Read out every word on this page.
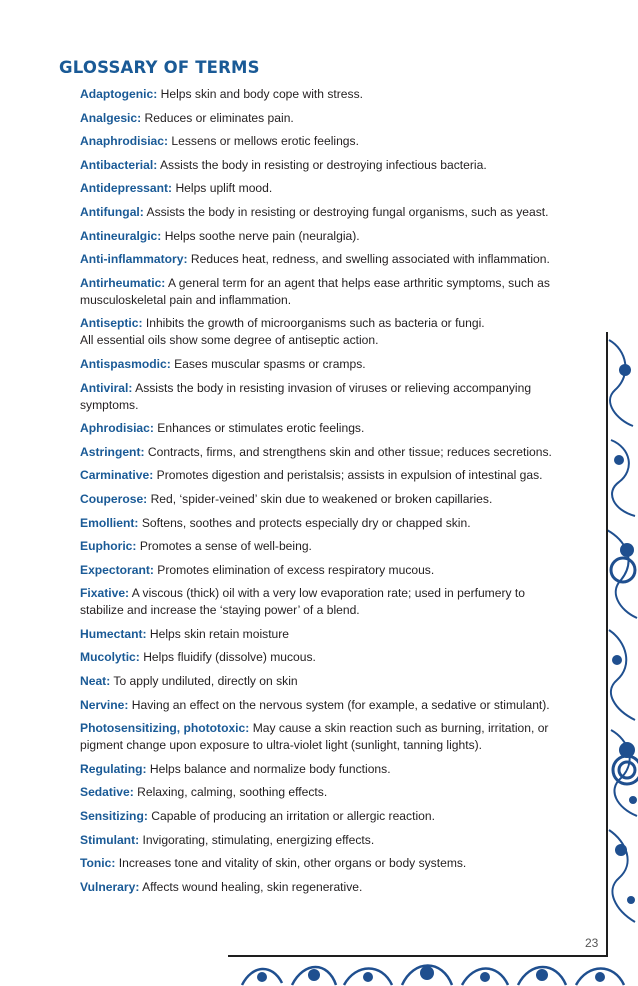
GLOSSARY OF TERMS

Adaptogenic: Helps skin and body cope with stress.

Analgesic: Reduces or eliminates pain.

Anaphrodisiac: Lessens or mellows erotic feelings.

Antibacterial: Assists the body in resisting or destroying infectious bacteria.

Antidepressant: Helps uplift mood.

Antifungal: Assists the body in resisting or destroying fungal organisms, such as yeast.

Antineuralgic: Helps soothe nerve pain (neuralgia).

Anti-inflammatory: Reduces heat, redness, and swelling associated with inflammation.

Antirheumatic: A general term for an agent that helps ease arthritic symptoms, such as musculoskeletal pain and inflammation.

Antiseptic: Inhibits the growth of microorganisms such as bacteria or fungi.
All essential oils show some degree of antiseptic action.

Antispasmodic: Eases muscular spasms or cramps.

Antiviral: Assists the body in resisting invasion of viruses or relieving accompanying symptoms.

Aphrodisiac: Enhances or stimulates erotic feelings.

Astringent: Contracts, firms, and strengthens skin and other tissue; reduces secretions.

Carminative: Promotes digestion and peristalsis; assists in expulsion of intestinal gas.

Couperose: Red, ‘spider-veined’ skin due to weakened or broken capillaries.

Emollient: Softens, soothes and protects especially dry or chapped skin.

Euphoric: Promotes a sense of well-being.

Expectorant: Promotes elimination of excess respiratory mucous.

Fixative: A viscous (thick) oil with a very low evaporation rate; used in perfumery to stabilize and increase the ‘staying power’ of a blend.

Humectant: Helps skin retain moisture

Mucolytic: Helps fluidify (dissolve) mucous.

Neat: To apply undiluted, directly on skin

Nervine: Having an effect on the nervous system (for example, a sedative or stimulant).

Photosensitizing, phototoxic: May cause a skin reaction such as burning, irritation, or pigment change upon exposure to ultra-violet light (sunlight, tanning lights).

Regulating: Helps balance and normalize body functions.

Sedative: Relaxing, calming, soothing effects.

Sensitizing: Capable of producing an irritation or allergic reaction.

Stimulant: Invigorating, stimulating, energizing effects.

Tonic: Increases tone and vitality of skin, other organs or body systems.

Vulnerary: Affects wound healing, skin regenerative.

23
